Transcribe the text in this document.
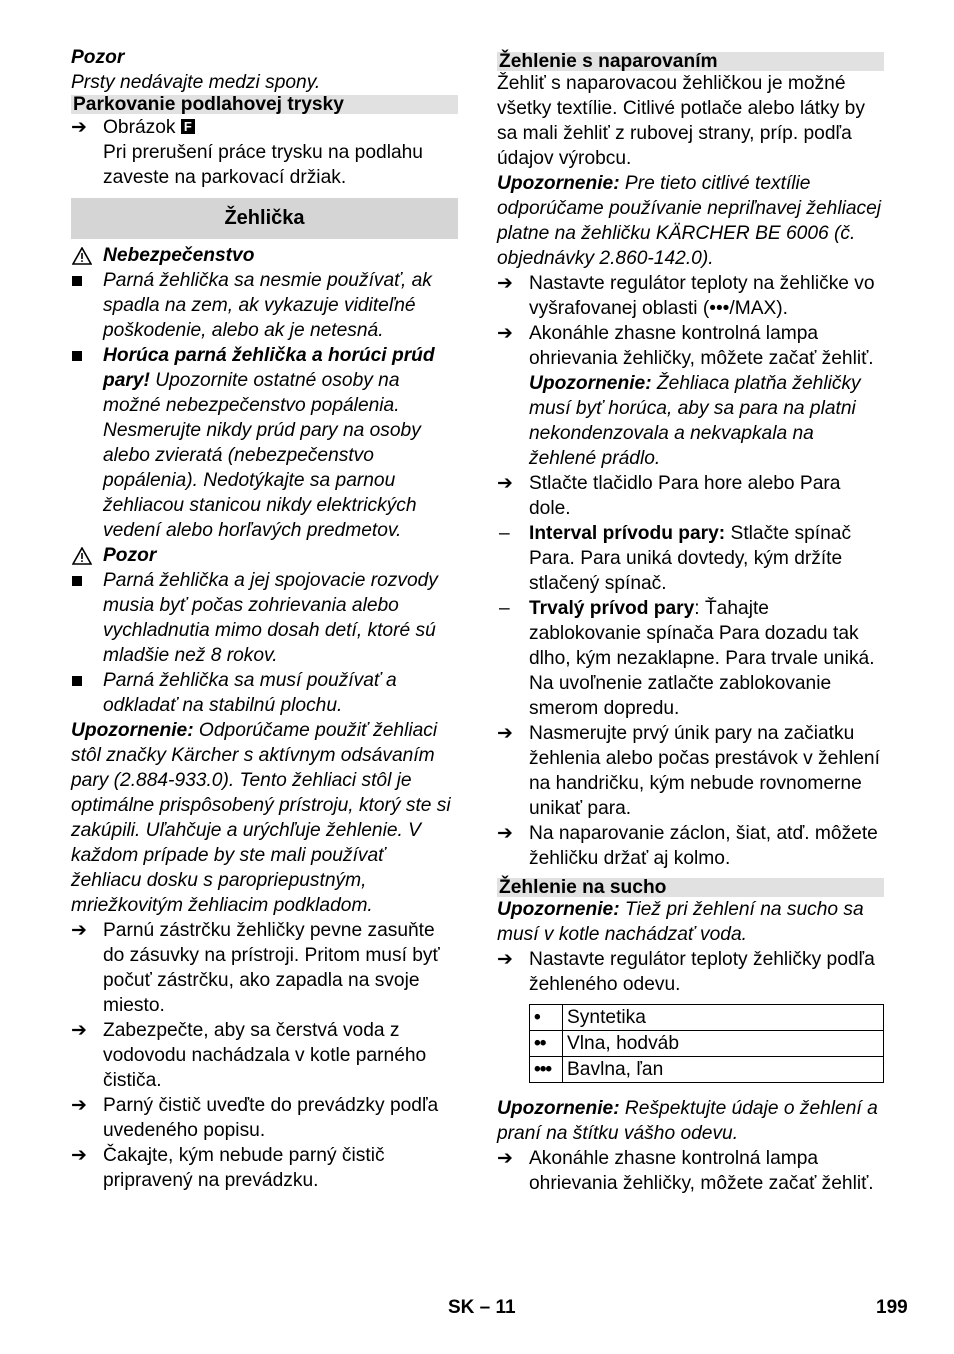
Pozor

Prsty nedávajte medzi spony.

Parkovanie podlahovej trysky
➔ Obrázok F
Pri prerušení práce trysku na podlahu zaveste na parkovací držiak.
Žehlička
Nebezpečenstvo
Parná žehlička sa nesmie používať, ak spadla na zem, ak vykazuje viditeľné poškodenie, alebo ak je netesná.
Horúca parná žehlička a horúci prúd pary! Upozornite ostatné osoby na možné nebezpečenstvo popálenia. Nesmerujte nikdy prúd pary na osoby alebo zvieratá (nebezpečenstvo popálenia). Nedotýkajte sa parnou žehliacou stanicou nikdy elektrických vedení alebo horľavých predmetov.
Pozor
Parná žehlička a jej spojovacie rozvody musia byť počas zohrievania alebo vychladnutia mimo dosah detí, ktoré sú mladšie než 8 rokov.
Parná žehlička sa musí používať a odkladať na stabilnú plochu.

Upozornenie: Odporúčame použiť žehliaci stôl značky Kärcher s aktívnym odsávaním pary (2.884-933.0). Tento žehliaci stôl je optimálne prispôsobený prístroju, ktorý ste si zakúpili. Uľahčuje a urýchľuje žehlenie. V každom prípade by ste mali používať žehliacu dosku s paropriepustným, mriežkovitým žehliacim podkladom.

➔ Parnú zástrčku žehličky pevne zasuňte do zásuvky na prístroji. Pritom musí byť počuť zástrčku, ako zapadla na svoje miesto.
➔ Zabezpečte, aby sa čerstvá voda z vodovodu nachádzala v kotle parného čističa.
➔ Parný čistič uveďte do prevádzky podľa uvedeného popisu.
➔ Čakajte, kým nebude parný čistič pripravený na prevádzku.
Žehlenie s naparovaním

Žehliť s naparovacou žehličkou je možné všetky textílie. Citlivé potlače alebo látky by sa mali žehliť z rubovej strany, príp. podľa údajov výrobcu.

Upozornenie: Pre tieto citlivé textílie odporúčame používanie nepriľnavej žehliacej platne na žehličku KÄRCHER BE 6006 (č. objednávky 2.860-142.0).

➔ Nastavte regulátor teploty na žehličke vo vyšrafovanej oblasti (•••/MAX).
➔ Akonáhle zhasne kontrolná lampa ohrievania žehličky, môžete začať žehliť.
Upozornenie: Žehliaca platňa žehličky musí byť horúca, aby sa para na platni nekondenzovala a nekvapkala na žehlené prádlo.
➔ Stlačte tlačidlo Para hore alebo Para dole.
–	Interval prívodu pary: Stlačte spínač Para. Para uniká dovtedy, kým držíte stlačený spínač.
–	Trvalý prívod pary: Ťahajte zablokovanie spínača Para dozadu tak dlho, kým nezaklapne. Para trvale uniká. Na uvoľnenie zatlačte zablokovanie smerom dopredu.
➔ Nasmerujte prvý únik pary na začiatku žehlenia alebo počas prestávok v žehlení na handričku, kým nebude rovnomerne unikať para.
➔ Na naparovanie záclon, šiat, atď. môžete žehličku držať aj kolmo.
Žehlenie na sucho

Upozornenie: Tiež pri žehlení na sucho sa musí v kotle nachádzať voda.

➔ Nastavte regulátor teploty žehličky podľa žehleného odevu.
•	Syntetika
••	Vlna, hodváb
•••	Bavlna, ľan

Upozornenie: Rešpektujte údaje o žehlení a praní na štítku vášho odevu.

➔ Akonáhle zhasne kontrolná lampa ohrievania žehličky, môžete začať žehliť.
SK – 11	199
